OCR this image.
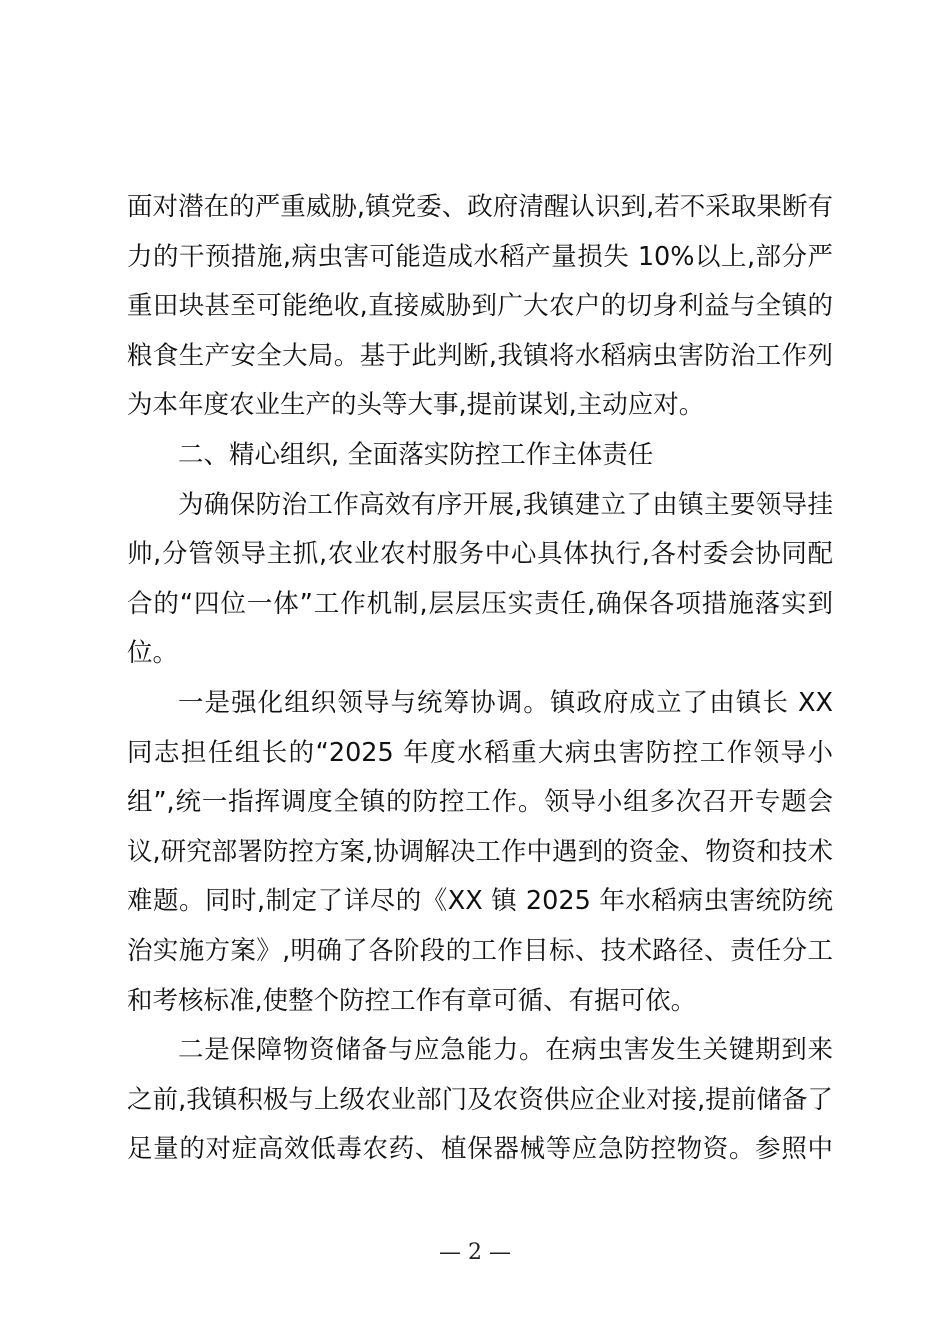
面对潜在的严重威胁,镇党委、政府清醒认识到,若不采取果断有
力的干预措施,病虫害可能造成水稻产量损失 10%以上,部分严
重田块甚至可能绝收,直接威胁到广大农户的切身利益与全镇的
粮食生产安全大局。基于此判断,我镇将水稻病虫害防治工作列
为本年度农业生产的头等大事,提前谋划,主动应对。
二、精心组织, 全面落实防控工作主体责任
为确保防治工作高效有序开展,我镇建立了由镇主要领导挂
帅,分管领导主抓,农业农村服务中心具体执行,各村委会协同配
合的“四位一体”工作机制,层层压实责任,确保各项措施落实到
位。
一是强化组织领导与统筹协调。镇政府成立了由镇长 XX
同志担任组长的“2025 年度水稻重大病虫害防控工作领导小
组”,统一指挥调度全镇的防控工作。领导小组多次召开专题会
议,研究部署防控方案,协调解决工作中遇到的资金、物资和技术
难题。同时,制定了详尽的《XX 镇 2025 年水稻病虫害统防统
治实施方案》,明确了各阶段的工作目标、技术路径、责任分工
和考核标准,使整个防控工作有章可循、有据可依。
二是保障物资储备与应急能力。在病虫害发生关键期到来
之前,我镇积极与上级农业部门及农资供应企业对接,提前储备了
足量的对症高效低毒农药、植保器械等应急防控物资。参照中
— 2 —
